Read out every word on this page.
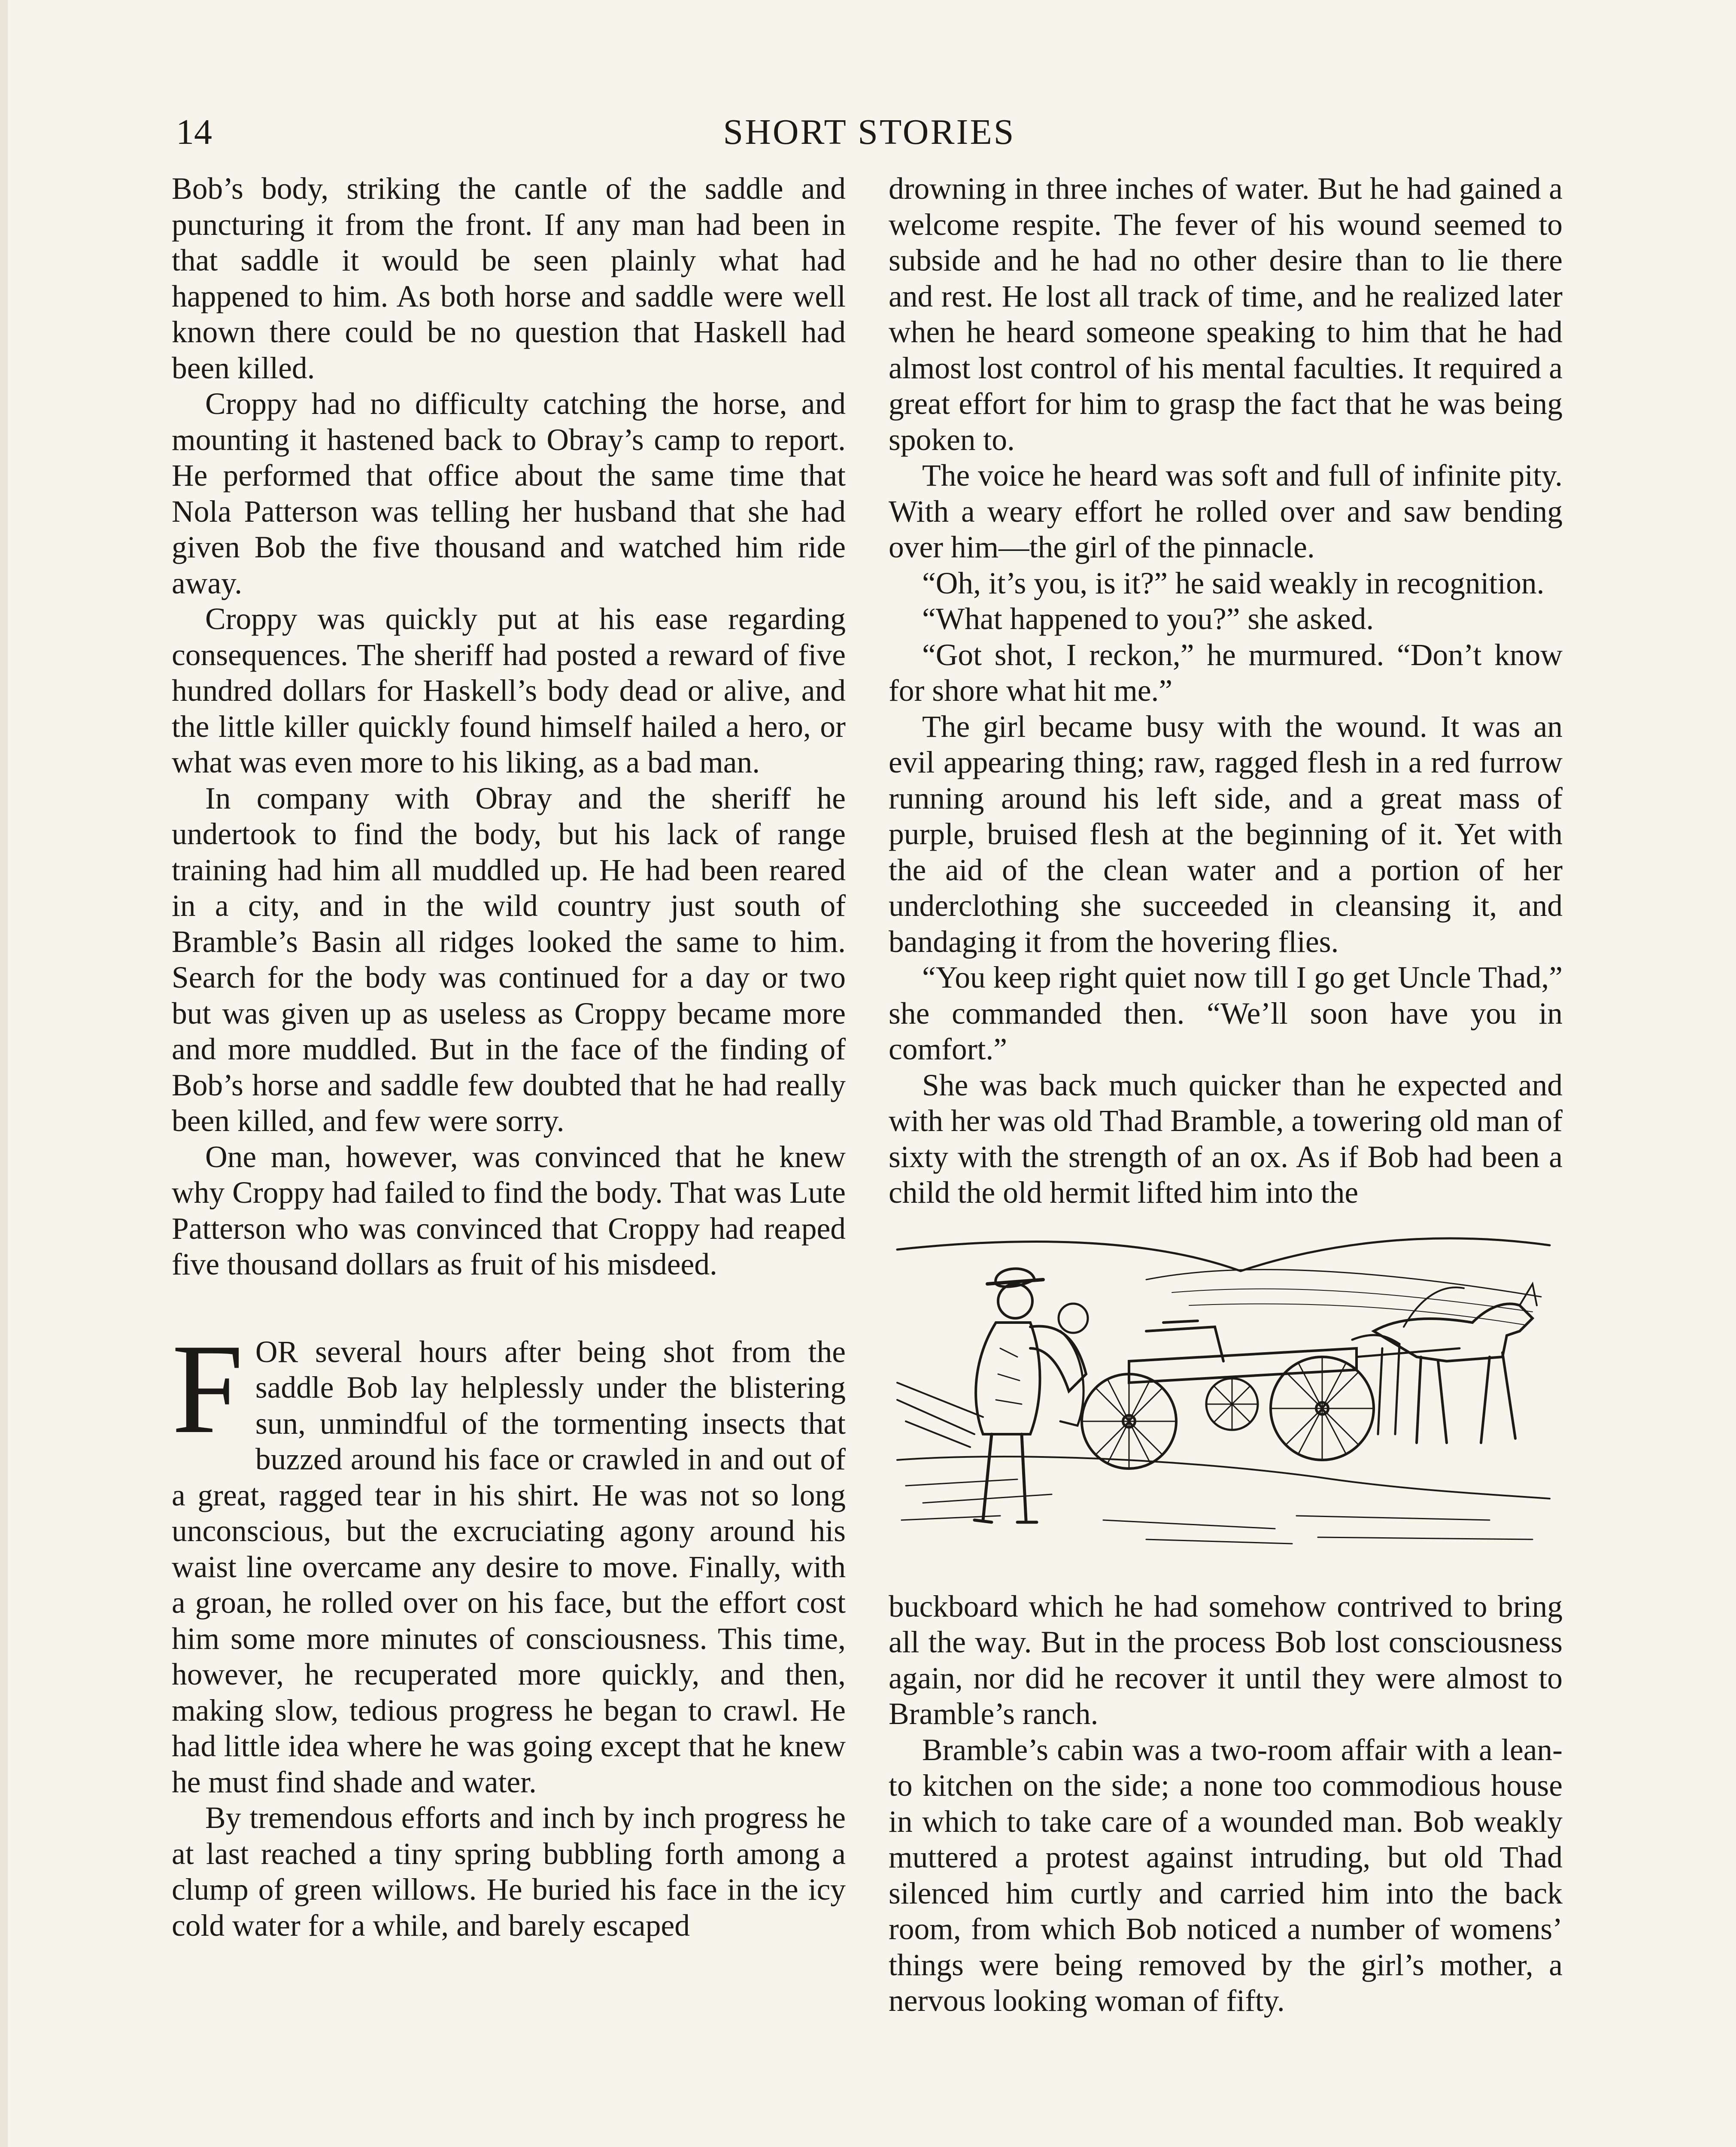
14	SHORT STORIES

Bob’s body, striking the cantle of the saddle and puncturing it from the front. If any man had been in that saddle it would be seen plainly what had happened to him. As both horse and saddle were well known there could be no question that Haskell had been killed.

Croppy had no difficulty catching the horse, and mounting it hastened back to Obray’s camp to report. He performed that office about the same time that Nola Patterson was telling her husband that she had given Bob the five thousand and watched him ride away.

Croppy was quickly put at his ease regarding consequences. The sheriff had posted a reward of five hundred dollars for Haskell’s body dead or alive, and the little killer quickly found himself hailed a hero, or what was even more to his liking, as a bad man.

In company with Obray and the sheriff he undertook to find the body, but his lack of range training had him all muddled up. He had been reared in a city, and in the wild country just south of Bramble’s Basin all ridges looked the same to him. Search for the body was continued for a day or two but was given up as useless as Croppy became more and more muddled. But in the face of the finding of Bob’s horse and saddle few doubted that he had really been killed, and few were sorry.

One man, however, was convinced that he knew why Croppy had failed to find the body. That was Lute Patterson who was convinced that Croppy had reaped five thousand dollars as fruit of his misdeed.

FOR several hours after being shot from the saddle Bob lay helplessly under the blistering sun, unmindful of the tormenting insects that buzzed around his face or crawled in and out of a great, ragged tear in his shirt. He was not so long unconscious, but the excruciating agony around his waist line overcame any desire to move. Finally, with a groan, he rolled over on his face, but the effort cost him some more minutes of consciousness. This time, however, he recuperated more quickly, and then, making slow, tedious progress he began to crawl. He had little idea where he was going except that he knew he must find shade and water.

By tremendous efforts and inch by inch progress he at last reached a tiny spring bubbling forth among a clump of green willows. He buried his face in the icy cold water for a while, and barely escaped

drowning in three inches of water. But he had gained a welcome respite. The fever of his wound seemed to subside and he had no other desire than to lie there and rest. He lost all track of time, and he realized later when he heard someone speaking to him that he had almost lost control of his mental faculties. It required a great effort for him to grasp the fact that he was being spoken to.

The voice he heard was soft and full of infinite pity. With a weary effort he rolled over and saw bending over him—the girl of the pinnacle.

“Oh, it’s you, is it?” he said weakly in recognition.

“What happened to you?” she asked.

“Got shot, I reckon,” he murmured. “Don’t know for shore what hit me.”

The girl became busy with the wound. It was an evil appearing thing; raw, ragged flesh in a red furrow running around his left side, and a great mass of purple, bruised flesh at the beginning of it. Yet with the aid of the clean water and a portion of her underclothing she succeeded in cleansing it, and bandaging it from the hovering flies.

“You keep right quiet now till I go get Uncle Thad,” she commanded then. “We’ll soon have you in comfort.”

She was back much quicker than he expected and with her was old Thad Bramble, a towering old man of sixty with the strength of an ox. As if Bob had been a child the old hermit lifted him into the

buckboard which he had somehow contrived to bring all the way. But in the process Bob lost consciousness again, nor did he recover it until they were almost to Bramble’s ranch.

Bramble’s cabin was a two-room affair with a lean-to kitchen on the side; a none too commodious house in which to take care of a wounded man. Bob weakly muttered a protest against intruding, but old Thad silenced him curtly and carried him into the back room, from which Bob noticed a number of womens’ things were being removed by the girl’s mother, a nervous looking woman of fifty.
